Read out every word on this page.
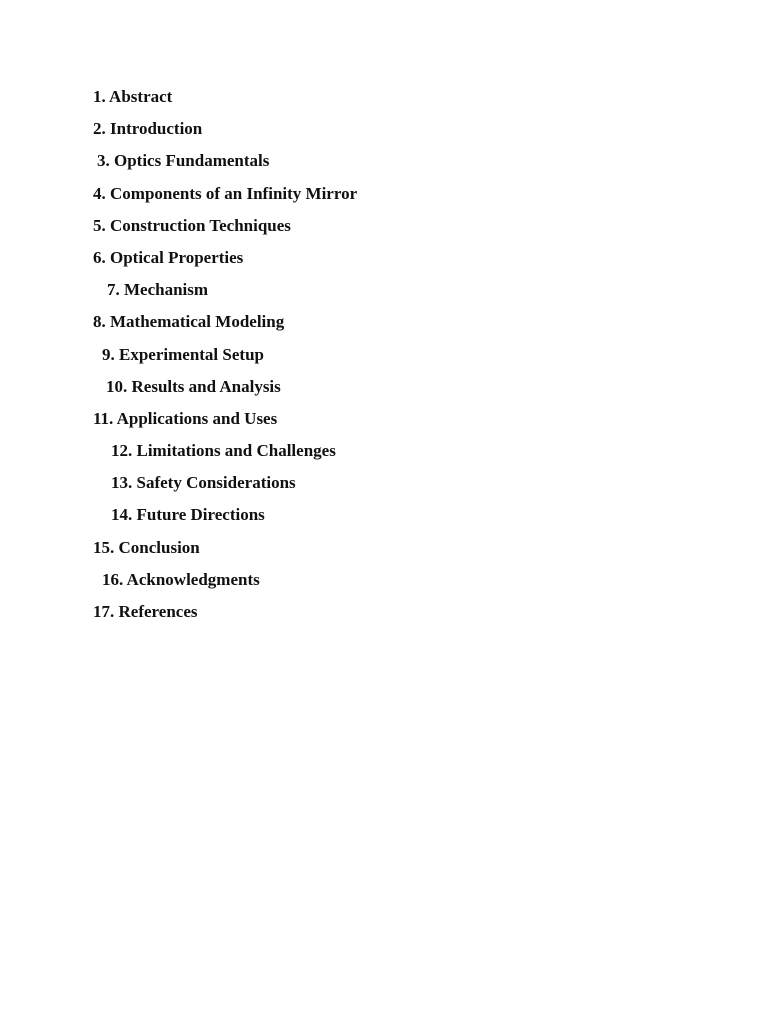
1. Abstract
2. Introduction
3. Optics Fundamentals
4. Components of an Infinity Mirror
5. Construction Techniques
6. Optical Properties
7. Mechanism
8. Mathematical Modeling
9. Experimental Setup
10. Results and Analysis
11. Applications and Uses
12. Limitations and Challenges
13. Safety Considerations
14. Future Directions
15. Conclusion
16. Acknowledgments
17. References
